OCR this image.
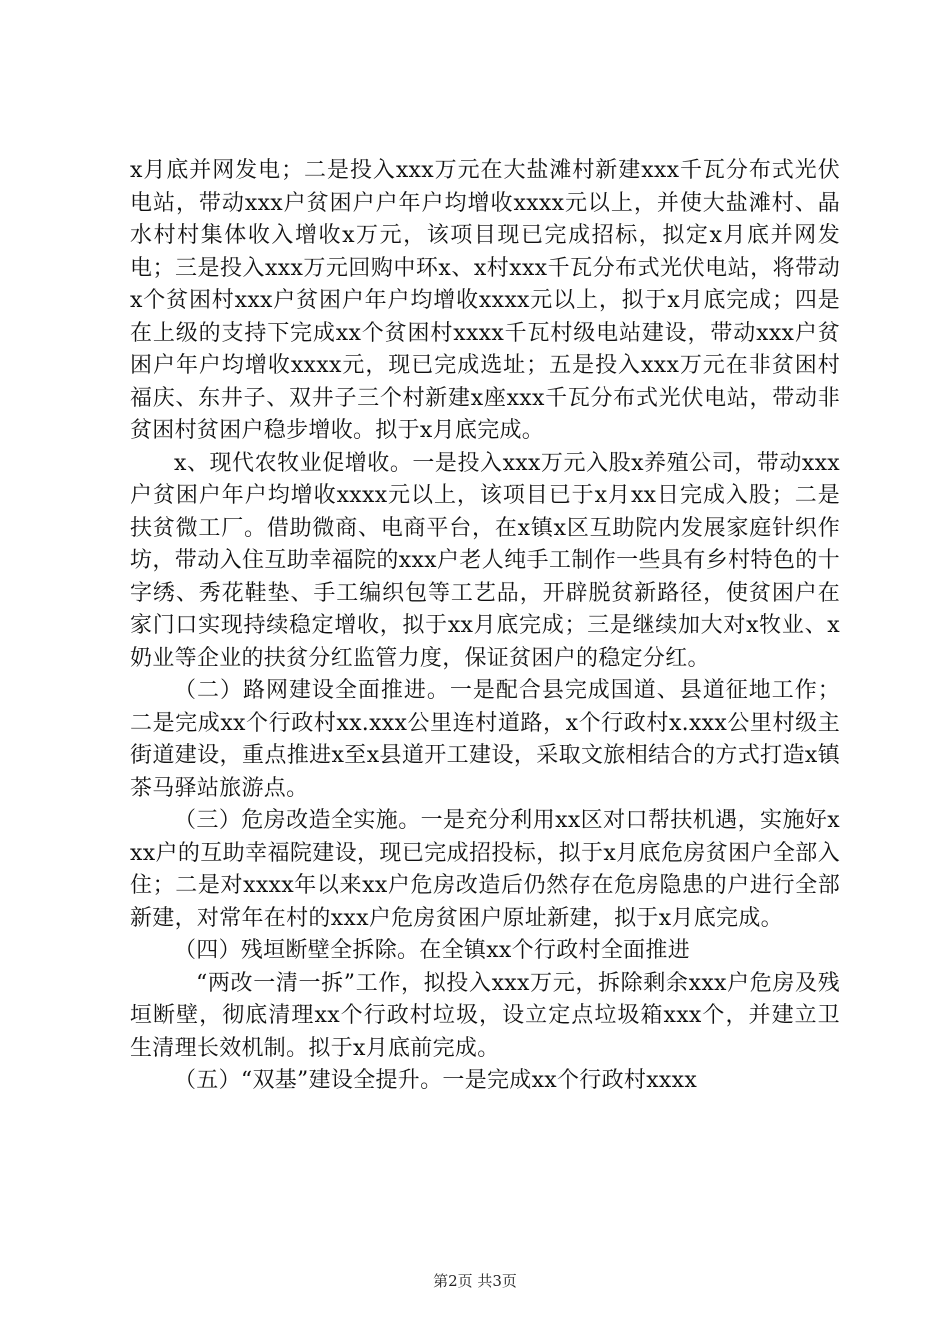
x月底并网发电；二是投入xxx万元在大盐滩村新建xxx千瓦分布式光伏电站，带动xxx户贫困户户年户均增收xxxx元以上，并使大盐滩村、晶水村村集体收入增收x万元，该项目现已完成招标，拟定x月底并网发电；三是投入xxx万元回购中环x、x村xxx千瓦分布式光伏电站，将带动x个贫困村xxx户贫困户年户均增收xxxx元以上，拟于x月底完成；四是在上级的支持下完成xx个贫困村xxxx千瓦村级电站建设，带动xxx户贫困户年户均增收xxxx元，现已完成选址；五是投入xxx万元在非贫困村福庆、东井子、双井子三个村新建x座xxx千瓦分布式光伏电站，带动非贫困村贫困户稳步增收。拟于x月底完成。

x、现代农牧业促增收。一是投入xxx万元入股x养殖公司，带动xxx户贫困户年户均增收xxxx元以上，该项目已于x月xx日完成入股；二是扶贫微工厂。借助微商、电商平台，在x镇x区互助院内发展家庭针织作坊，带动入住互助幸福院的xxx户老人纯手工制作一些具有乡村特色的十字绣、秀花鞋垫、手工编织包等工艺品，开辟脱贫新路径，使贫困户在家门口实现持续稳定增收，拟于xx月底完成；三是继续加大对x牧业、x奶业等企业的扶贫分红监管力度，保证贫困户的稳定分红。

（二）路网建设全面推进。一是配合县完成国道、县道征地工作；二是完成xx个行政村xx.xxx公里连村道路，x个行政村x.xxx公里村级主街道建设，重点推进x至x县道开工建设，采取文旅相结合的方式打造x镇茶马驿站旅游点。

（三）危房改造全实施。一是充分利用xx区对口帮扶机遇，实施好xxx户的互助幸福院建设，现已完成招投标，拟于x月底危房贫困户全部入住；二是对xxxx年以来xx户危房改造后仍然存在危房隐患的户进行全部新建，对常年在村的xxx户危房贫困户原址新建，拟于x月底完成。

（四）残垣断壁全拆除。在全镇xx个行政村全面推进

“两改一清一拆”工作，拟投入xxx万元，拆除剩余xxx户危房及残垣断壁，彻底清理xx个行政村垃圾，设立定点垃圾箱xxx个，并建立卫生清理长效机制。拟于x月底前完成。

（五）“双基”建设全提升。一是完成xx个行政村xxxx

第2页 共3页
